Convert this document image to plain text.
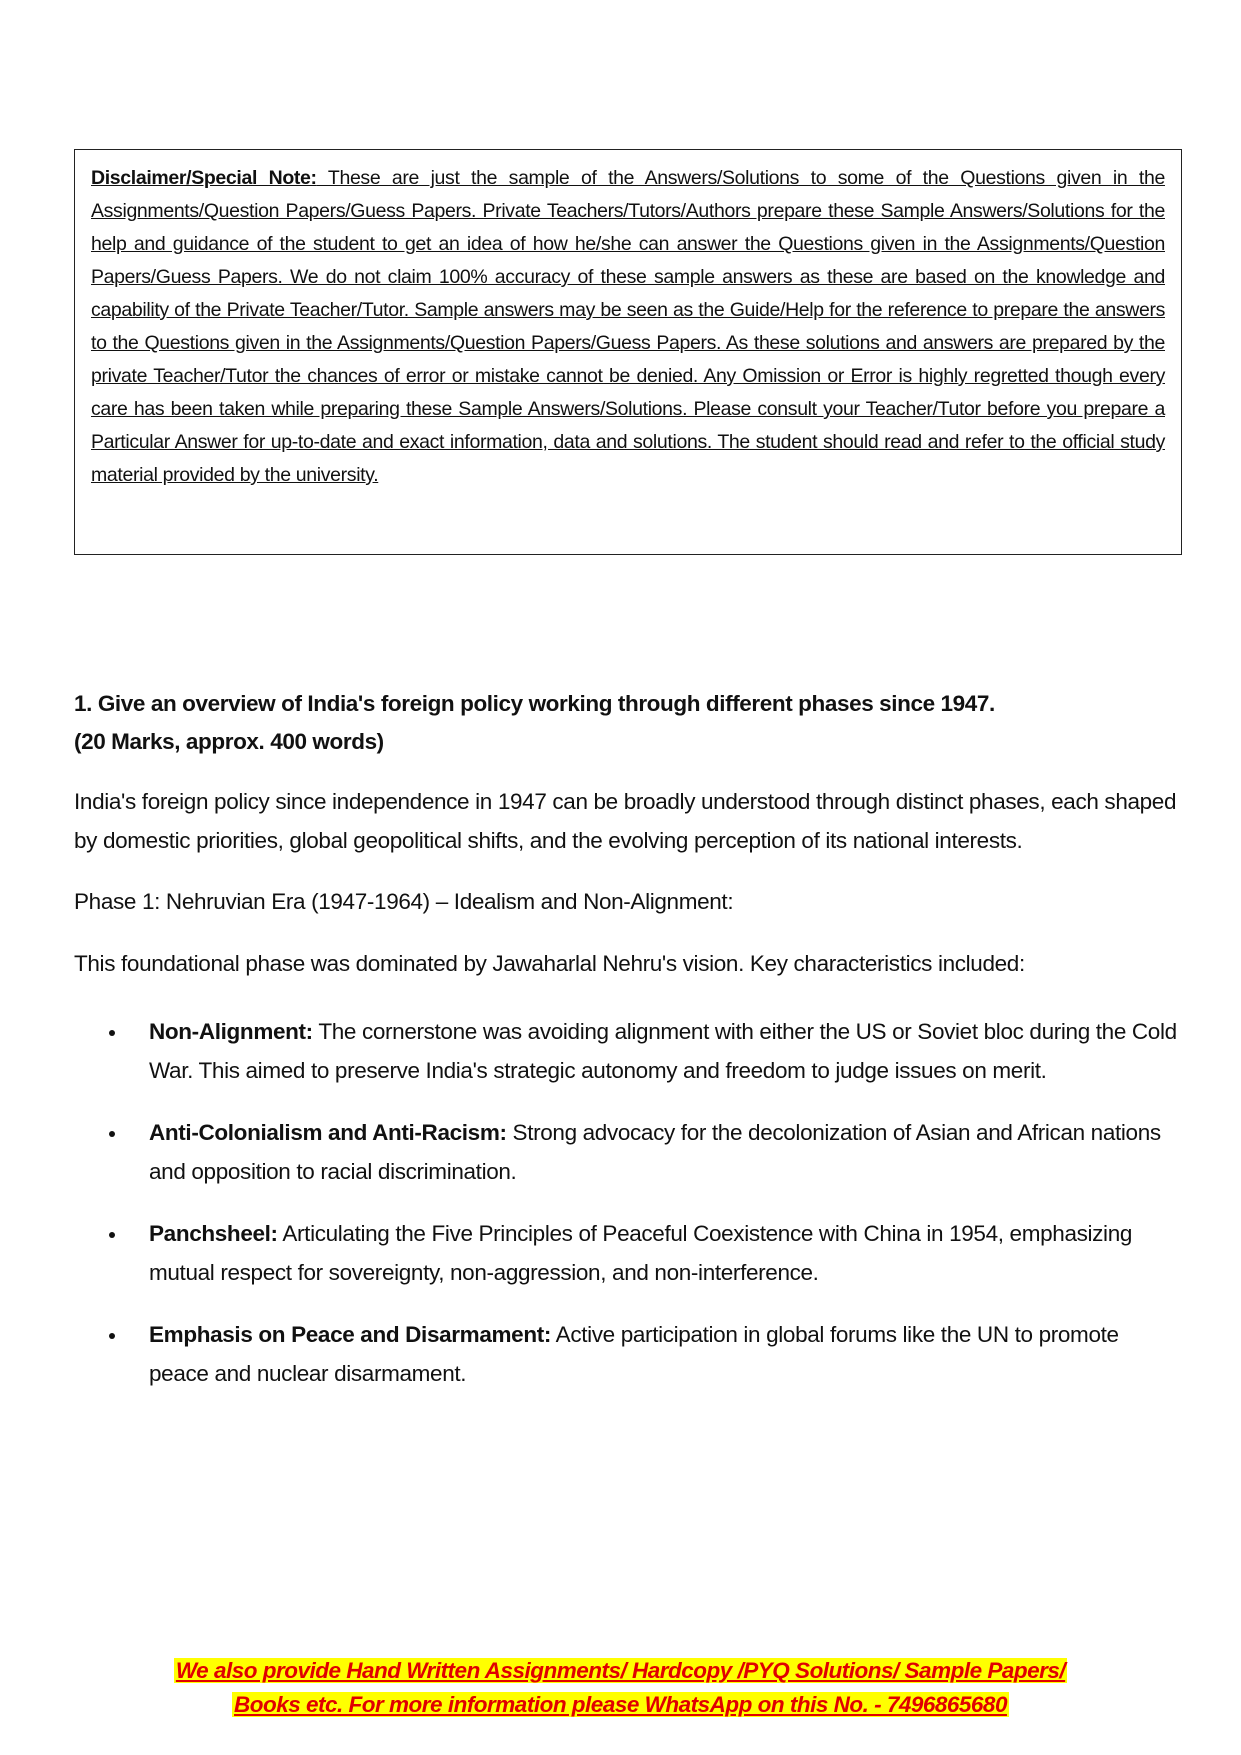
Disclaimer/Special Note: These are just the sample of the Answers/Solutions to some of the Questions given in the Assignments/Question Papers/Guess Papers. Private Teachers/Tutors/Authors prepare these Sample Answers/Solutions for the help and guidance of the student to get an idea of how he/she can answer the Questions given in the Assignments/Question Papers/Guess Papers. We do not claim 100% accuracy of these sample answers as these are based on the knowledge and capability of the Private Teacher/Tutor. Sample answers may be seen as the Guide/Help for the reference to prepare the answers to the Questions given in the Assignments/Question Papers/Guess Papers. As these solutions and answers are prepared by the private Teacher/Tutor the chances of error or mistake cannot be denied. Any Omission or Error is highly regretted though every care has been taken while preparing these Sample Answers/Solutions. Please consult your Teacher/Tutor before you prepare a Particular Answer for up-to-date and exact information, data and solutions. The student should read and refer to the official study material provided by the university.
1. Give an overview of India's foreign policy working through different phases since 1947.
(20 Marks, approx. 400 words)

India's foreign policy since independence in 1947 can be broadly understood through distinct phases, each shaped by domestic priorities, global geopolitical shifts, and the evolving perception of its national interests.

Phase 1: Nehruvian Era (1947-1964) – Idealism and Non-Alignment:

This foundational phase was dominated by Jawaharlal Nehru's vision. Key characteristics included:

Non-Alignment: The cornerstone was avoiding alignment with either the US or Soviet bloc during the Cold War. This aimed to preserve India's strategic autonomy and freedom to judge issues on merit.
Anti-Colonialism and Anti-Racism: Strong advocacy for the decolonization of Asian and African nations and opposition to racial discrimination.
Panchsheel: Articulating the Five Principles of Peaceful Coexistence with China in 1954, emphasizing mutual respect for sovereignty, non-aggression, and non-interference.
Emphasis on Peace and Disarmament: Active participation in global forums like the UN to promote peace and nuclear disarmament.
We also provide Hand Written Assignments/ Hardcopy /PYQ Solutions/ Sample Papers/
Books etc. For more information please WhatsApp on this No. - 7496865680
